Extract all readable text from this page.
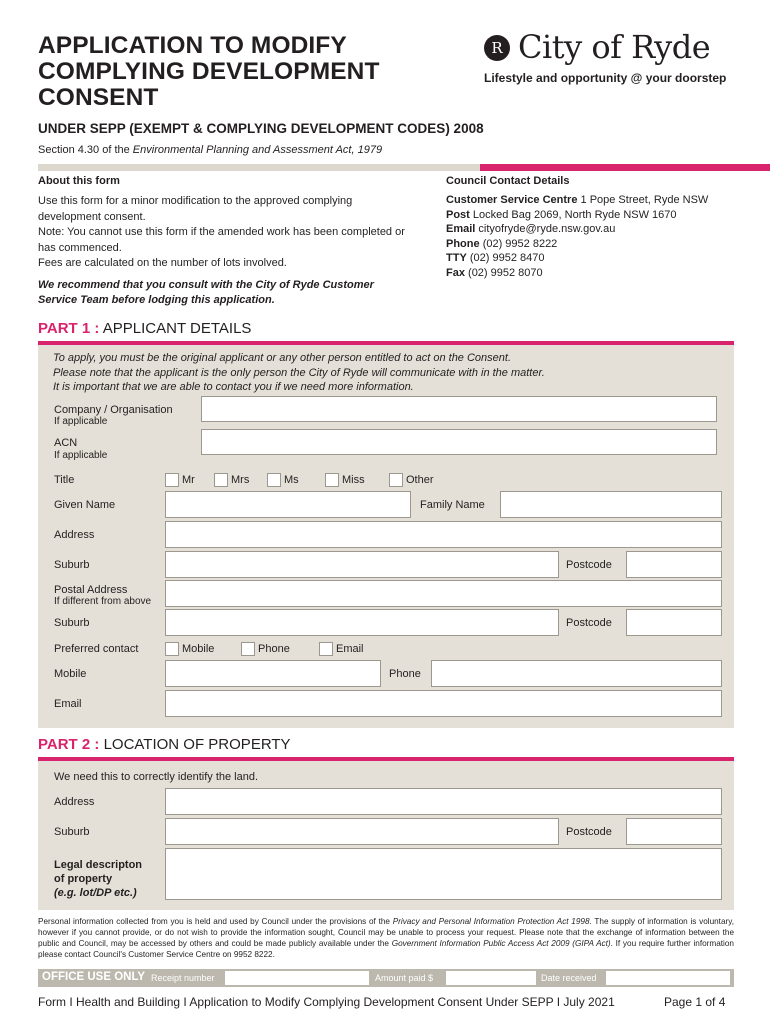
APPLICATION TO MODIFY
COMPLYING DEVELOPMENT
CONSENT
R City of Ryde
Lifestyle and opportunity @ your doorstep
UNDER SEPP (EXEMPT & COMPLYING DEVELOPMENT CODES) 2008
Section 4.30 of the Environmental Planning and Assessment Act, 1979
About this form
Use this form for a minor modification to the approved complying development consent.
Note: You cannot use this form if the amended work has been completed or has commenced.
Fees are calculated on the number of lots involved.
We recommend that you consult with the City of Ryde Customer Service Team before lodging this application.
Council Contact Details
Customer Service Centre 1 Pope Street, Ryde NSW
Post Locked Bag 2069, North Ryde NSW 1670
Email cityofryde@ryde.nsw.gov.au
Phone (02) 9952 8222
TTY (02) 9952 8470
Fax (02) 9952 8070
PART 1 : APPLICANT DETAILS
To apply, you must be the original applicant or any other person entitled to act on the Consent.
Please note that the applicant is the only person the City of Ryde will communicate with in the matter.
It is important that we are able to contact you if we need more information.
Company / Organisation
If applicable
ACN
If applicable
Title	Mr	Mrs	Ms	Miss	Other
Given Name	Family Name
Address
Suburb	Postcode
Postal Address
If different from above
Suburb	Postcode
Preferred contact	Mobile	Phone	Email
Mobile	Phone
Email
PART 2 : LOCATION OF PROPERTY
We need this to correctly identify the land.
Address
Suburb	Postcode
Legal descripton
of property
(e.g. lot/DP etc.)
Personal information collected from you is held and used by Council under the provisions of the Privacy and Personal Information Protection Act 1998. The supply of information is voluntary, however if you cannot provide, or do not wish to provide the information sought, Council may be unable to process your request. Please note that the exchange of information between the public and Council, may be accessed by others and could be made publicly available under the Government Information Public Access Act 2009 (GIPA Act). If you require further information please contact Council's Customer Service Centre on 9952 8222.
OFFICE USE ONLY Receipt number	Amount paid $	Date received
Form I Health and Building I Application to Modify Complying Development Consent Under SEPP I July 2021	Page 1 of 4
